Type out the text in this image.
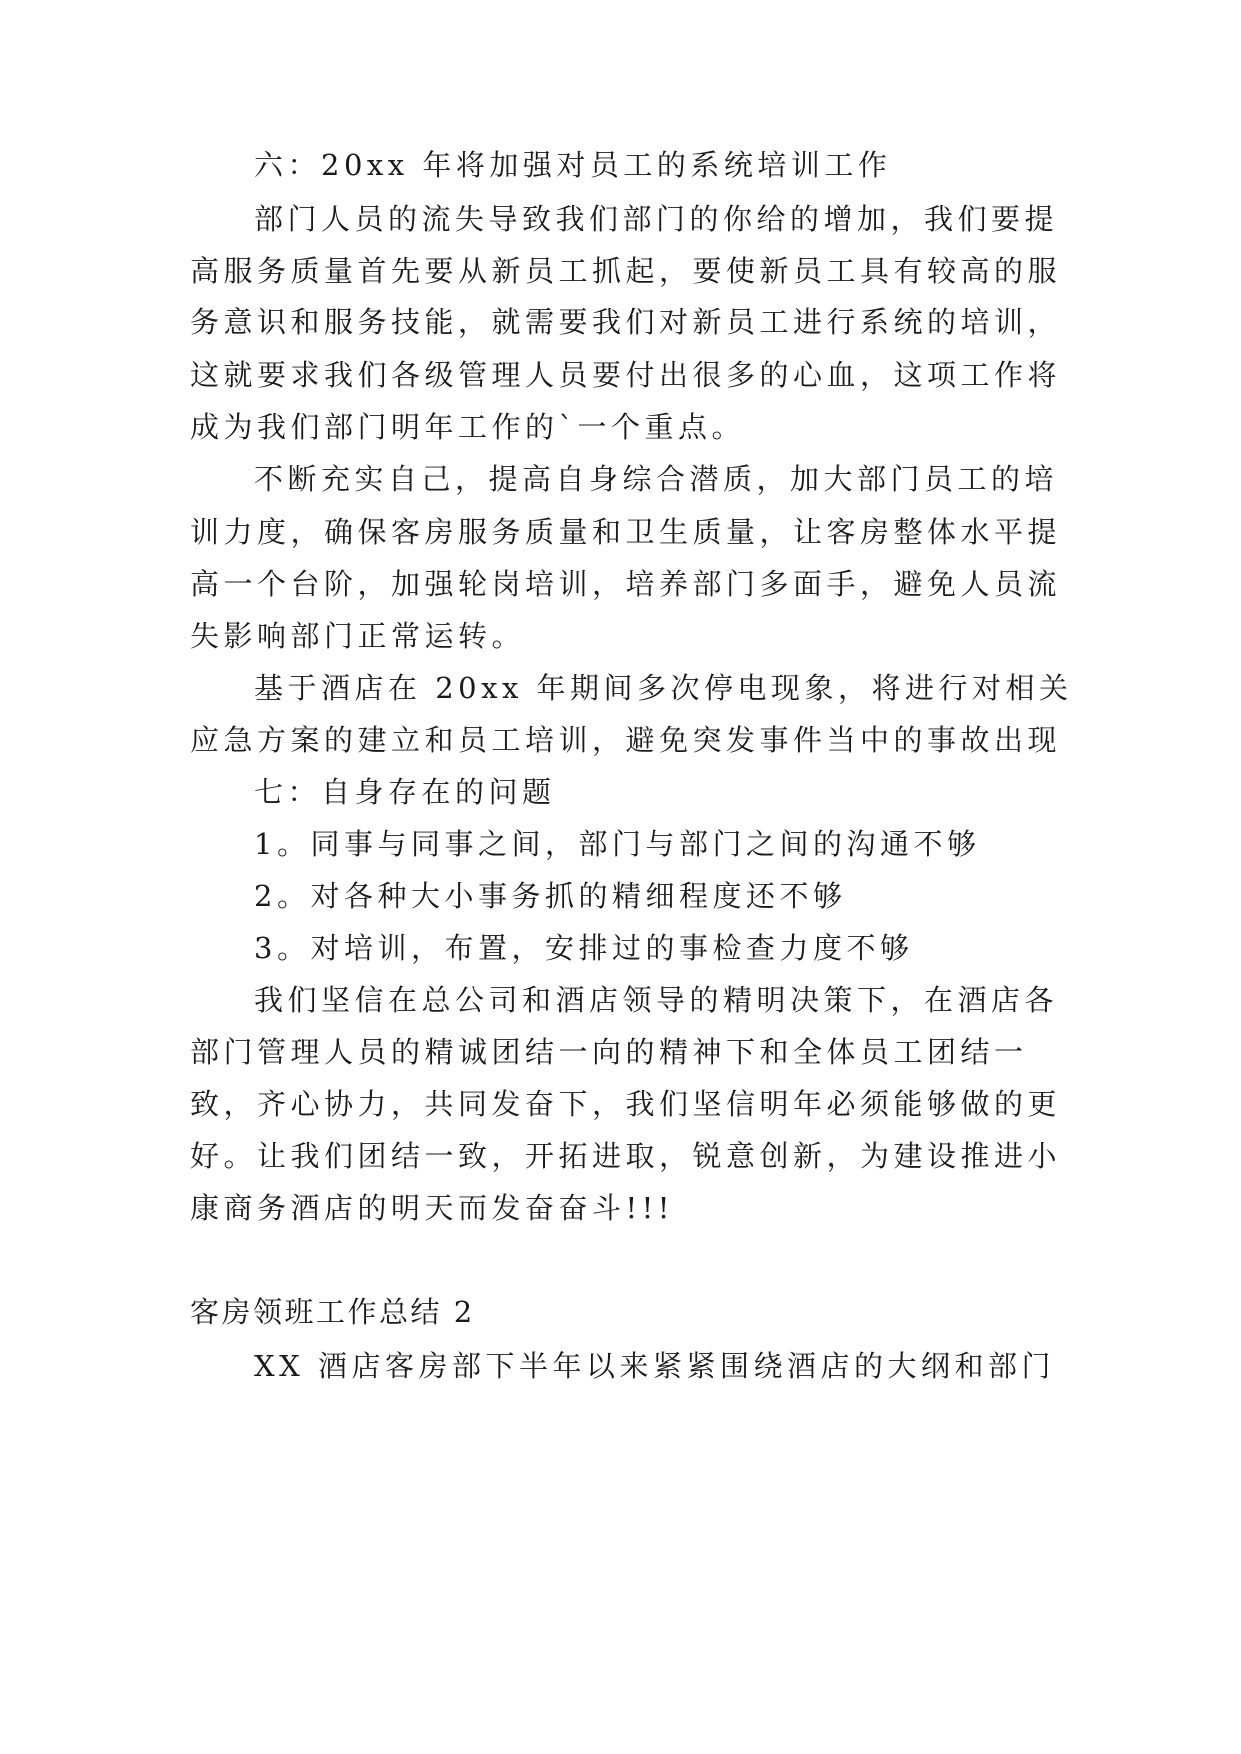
六：20xx 年将加强对员工的系统培训工作
部门人员的流失导致我们部门的你给的增加，我们要提
高服务质量首先要从新员工抓起，要使新员工具有较高的服
务意识和服务技能，就需要我们对新员工进行系统的培训，
这就要求我们各级管理人员要付出很多的心血，这项工作将
成为我们部门明年工作的`一个重点。
不断充实自己，提高自身综合潜质，加大部门员工的培
训力度，确保客房服务质量和卫生质量，让客房整体水平提
高一个台阶，加强轮岗培训，培养部门多面手，避免人员流
失影响部门正常运转。
基于酒店在 20xx 年期间多次停电现象，将进行对相关
应急方案的建立和员工培训，避免突发事件当中的事故出现
七：自身存在的问题
1。同事与同事之间，部门与部门之间的沟通不够
2。对各种大小事务抓的精细程度还不够
3。对培训，布置，安排过的事检查力度不够
我们坚信在总公司和酒店领导的精明决策下，在酒店各
部门管理人员的精诚团结一向的精神下和全体员工团结一
致，齐心协力，共同发奋下，我们坚信明年必须能够做的更
好。让我们团结一致，开拓进取，锐意创新，为建设推进小
康商务酒店的明天而发奋奋斗!!!
客房领班工作总结 2
XX 酒店客房部下半年以来紧紧围绕酒店的大纲和部门
